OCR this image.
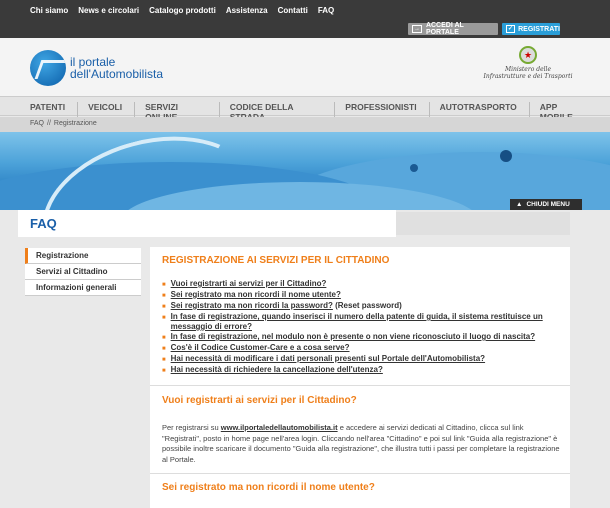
Chi siamo News e circolari Catalogo prodotti Assistenza Contatti FAQ
→ ACCEDI AL PORTALE	✓ REGISTRATI
il portale
dell'Automobilista
★
Ministero delle
Infrastrutture e dei Trasporti
PATENTI	VEICOLI	SERVIZI	CODICE DELLA	PROFESSIONISTI	AUTOTRASPORTO	APP
FAQ // Registrazione
▲ CHIUDI MENU
FAQ
Registrazione
Servizi al Cittadino
Informazioni generali
REGISTRAZIONE AI SERVIZI PER IL CITTADINO
■ Vuoi registrarti ai servizi per il Cittadino?
■ Sei registrato ma non ricordi il nome utente?
■ Sei registrato ma non ricordi la password? (Reset password)
■ In fase di registrazione, quando inserisci il numero della patente di guida, il sistema restituisce un messaggio di errore?
■ In fase di registrazione, nel modulo non è presente o non viene riconosciuto il luogo di nascita?
■ Cos'è il Codice Customer-Care e a cosa serve?
■ Hai necessità di modificare i dati personali presenti sul Portale dell'Automobilista?
■ Hai necessità di richiedere la cancellazione dell'utenza?
Vuoi registrarti ai servizi per il Cittadino?
Per registrarsi su www.ilportaledellautomobilista.it e accedere ai servizi dedicati al Cittadino, clicca sul link "Registrati", posto in home page nell'area login. Cliccando nell'area "Cittadino" e poi sul link "Guida alla registrazione" è possibile inoltre scaricare il documento "Guida alla registrazione", che illustra tutti i passi per completare la registrazione al Portale.
Sei registrato ma non ricordi il nome utente?
